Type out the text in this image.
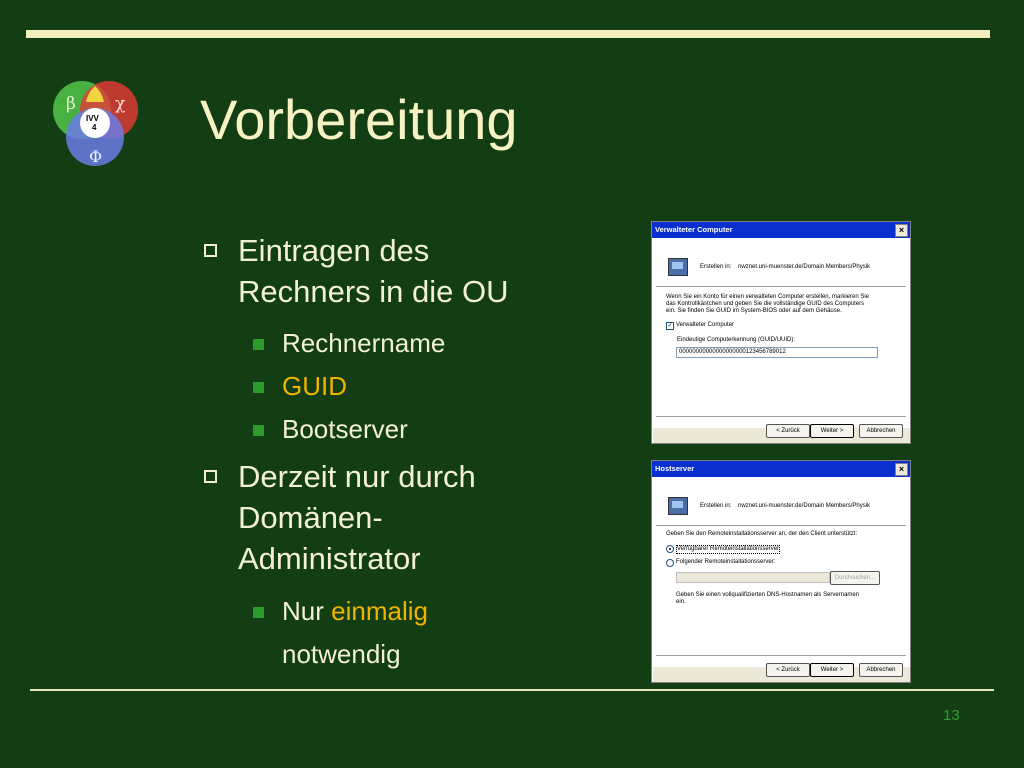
β χ
Φ
IVV
4 Vorbereitung
Eintragen des
Rechners in die OU
Rechnername
GUID
Bootserver
Derzeit nur durch
Domänen-
Administrator
Nur einmalig
notwendig
Verwalteter Computer	×
Erstellen in: nwznet.uni-muenster.de/Domain Members/Physik
Wenn Sie ein Konto für einen verwalteten Computer erstellen, markieren Sie
das Kontrollkästchen und geben Sie die vollständige GUID des Computers
ein. Sie finden Sie GUID im System-BIOS oder auf dem Gehäuse.
✓ Verwalteter Computer
Eindeutige Computerkennung (GUID/UUID):
00000000000000000000123456789012
< Zurück	Weiter >	Abbrechen
Hostserver	×
Erstellen in: nwznet.uni-muenster.de/Domain Members/Physik
Geben Sie den Remoteinstallationsserver an, der den Client unterstützt:
Verfügbarer Remoteinstallationsserver
Folgender Remoteinstallationsserver:
Durchsuchen...
Geben Sie einen vollqualifizierten DNS-Hostnamen als Servernamen
ein.
< Zurück	Weiter >	Abbrechen
13
